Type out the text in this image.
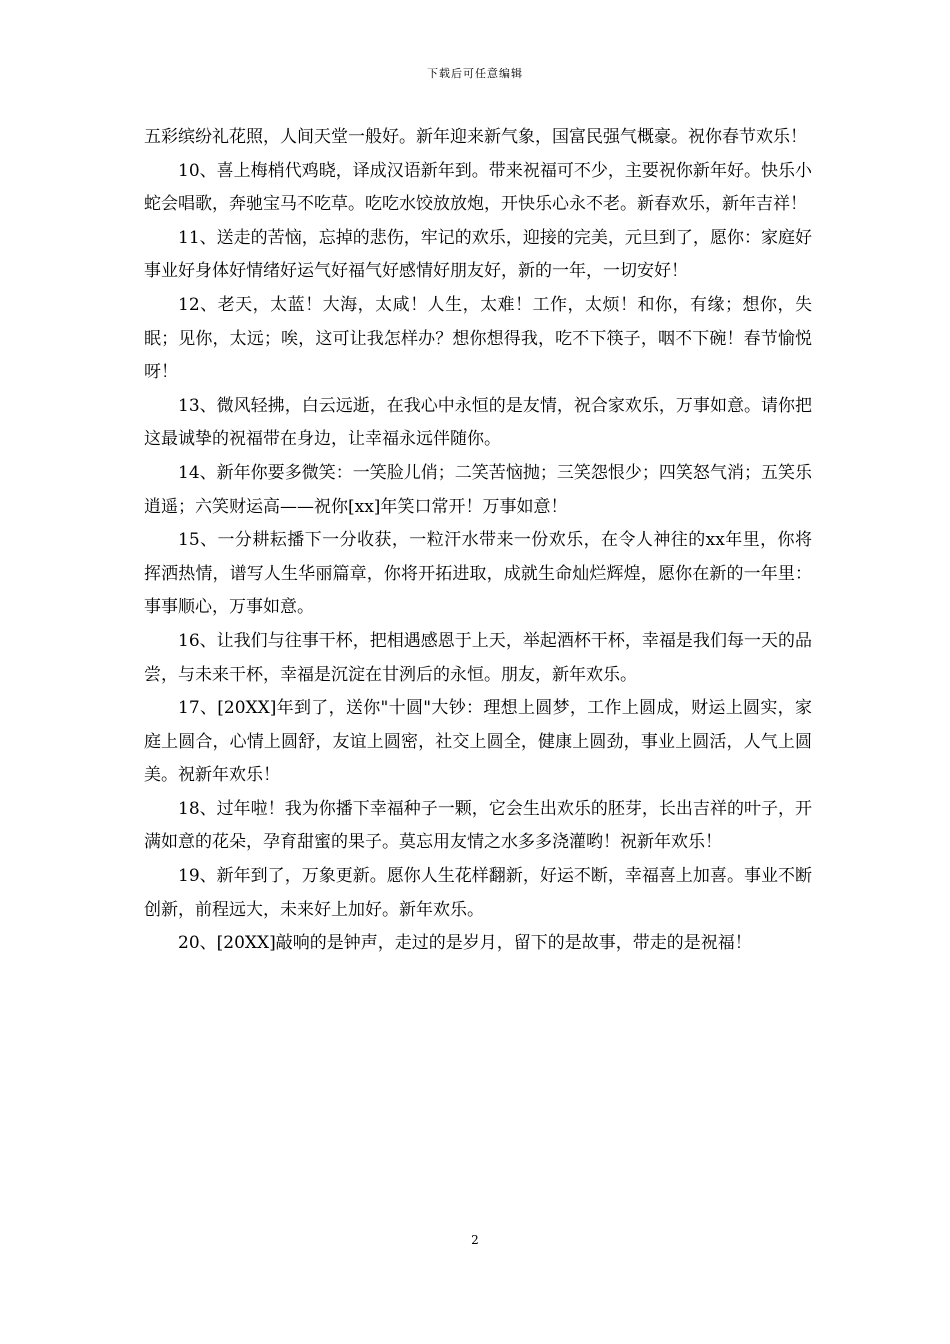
下载后可任意编辑

五彩缤纷礼花照，人间天堂一般好。新年迎来新气象，国富民强气概豪。祝你春节欢乐！

10、喜上梅梢代鸡晓，译成汉语新年到。带来祝福可不少，主要祝你新年好。快乐小蛇会唱歌，奔驰宝马不吃草。吃吃水饺放放炮，开快乐心永不老。新春欢乐，新年吉祥！

11、送走的苦恼，忘掉的悲伤，牢记的欢乐，迎接的完美，元旦到了，愿你：家庭好事业好身体好情绪好运气好福气好感情好朋友好，新的一年，一切安好！

12、老天，太蓝！大海，太咸！人生，太难！工作，太烦！和你，有缘；想你，失眠；见你，太远；唉，这可让我怎样办？想你想得我，吃不下筷子，咽不下碗！春节愉悦呀！

13、微风轻拂，白云远逝，在我心中永恒的是友情，祝合家欢乐，万事如意。请你把这最诚挚的祝福带在身边，让幸福永远伴随你。

14、新年你要多微笑：一笑脸儿俏；二笑苦恼抛；三笑怨恨少；四笑怒气消；五笑乐逍遥；六笑财运高——祝你[xx]年笑口常开！万事如意！

15、一分耕耘播下一分收获，一粒汗水带来一份欢乐，在令人神往的xx年里，你将挥洒热情，谱写人生华丽篇章，你将开拓进取，成就生命灿烂辉煌，愿你在新的一年里：事事顺心，万事如意。

16、让我们与往事干杯，把相遇感恩于上天，举起酒杯干杯，幸福是我们每一天的品尝，与未来干杯，幸福是沉淀在甘洌后的永恒。朋友，新年欢乐。

17、[20XX]年到了，送你"十圆"大钞：理想上圆梦，工作上圆成，财运上圆实，家庭上圆合，心情上圆舒，友谊上圆密，社交上圆全，健康上圆劲，事业上圆活，人气上圆美。祝新年欢乐！

18、过年啦！我为你播下幸福种子一颗，它会生出欢乐的胚芽，长出吉祥的叶子，开满如意的花朵，孕育甜蜜的果子。莫忘用友情之水多多浇灌哟！祝新年欢乐！

19、新年到了，万象更新。愿你人生花样翻新，好运不断，幸福喜上加喜。事业不断创新，前程远大，未来好上加好。新年欢乐。

20、[20XX]敲响的是钟声，走过的是岁月，留下的是故事，带走的是祝福！

2
